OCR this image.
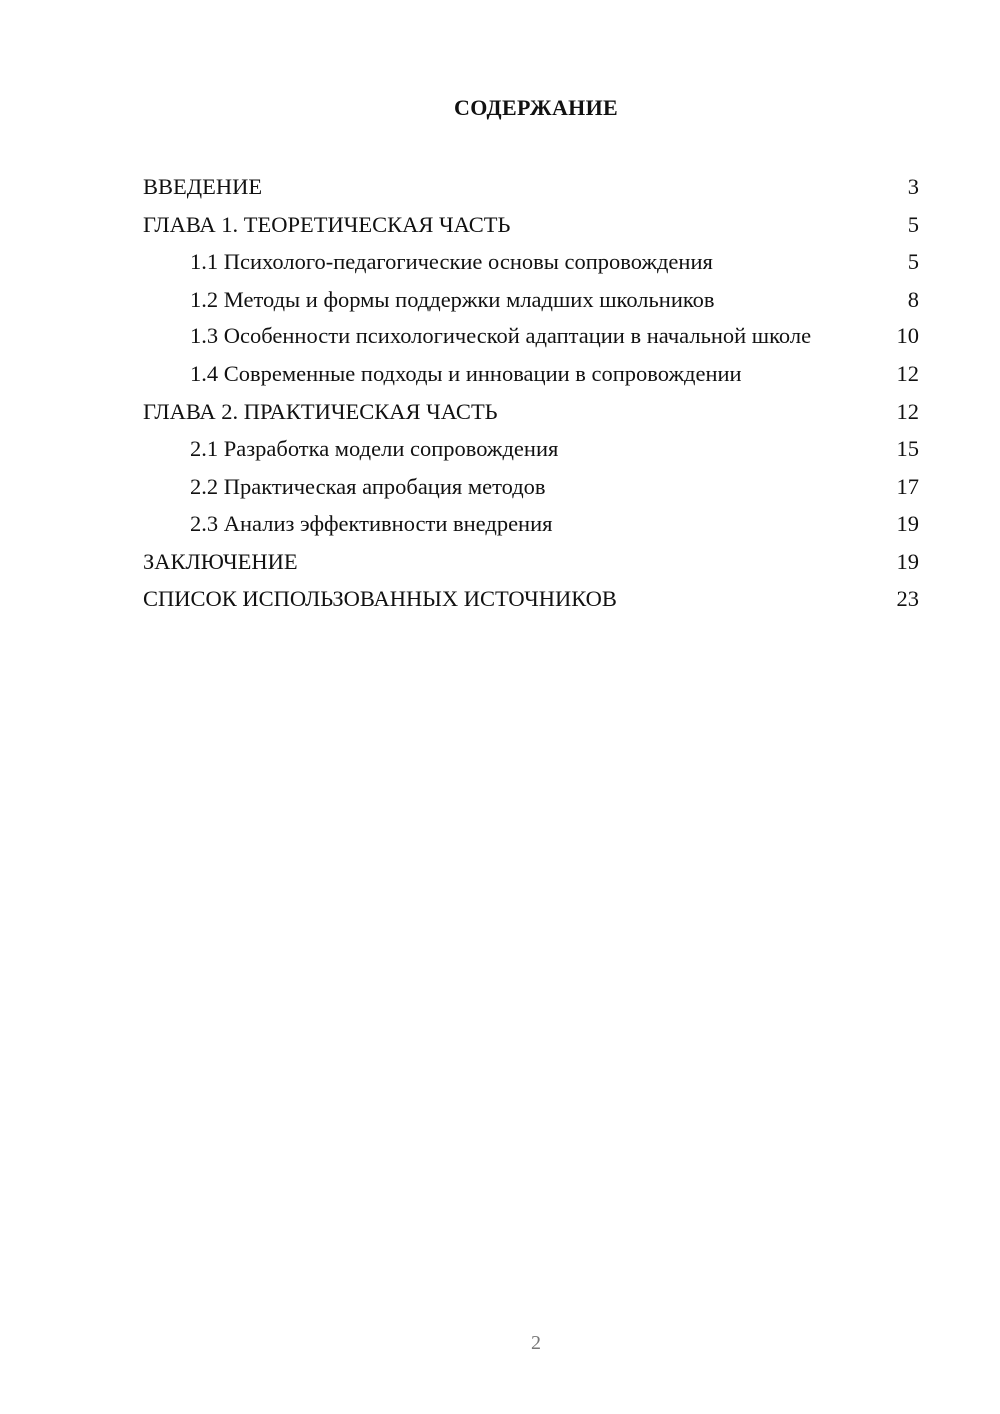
СОДЕРЖАНИЕ
ВВЕДЕНИЕ	3
ГЛАВА 1. ТЕОРЕТИЧЕСКАЯ ЧАСТЬ	5
1.1 Психолого-педагогические основы сопровождения	5
1.2 Методы и формы поддержки младших школьников	8
1.3 Особенности психологической адаптации в начальной школе	10
1.4 Современные подходы и инновации в сопровождении	12
ГЛАВА 2. ПРАКТИЧЕСКАЯ ЧАСТЬ	12
2.1 Разработка модели сопровождения	15
2.2 Практическая апробация методов	17
2.3 Анализ эффективности внедрения	19
ЗАКЛЮЧЕНИЕ	19
СПИСОК ИСПОЛЬЗОВАННЫХ ИСТОЧНИКОВ	23
2
